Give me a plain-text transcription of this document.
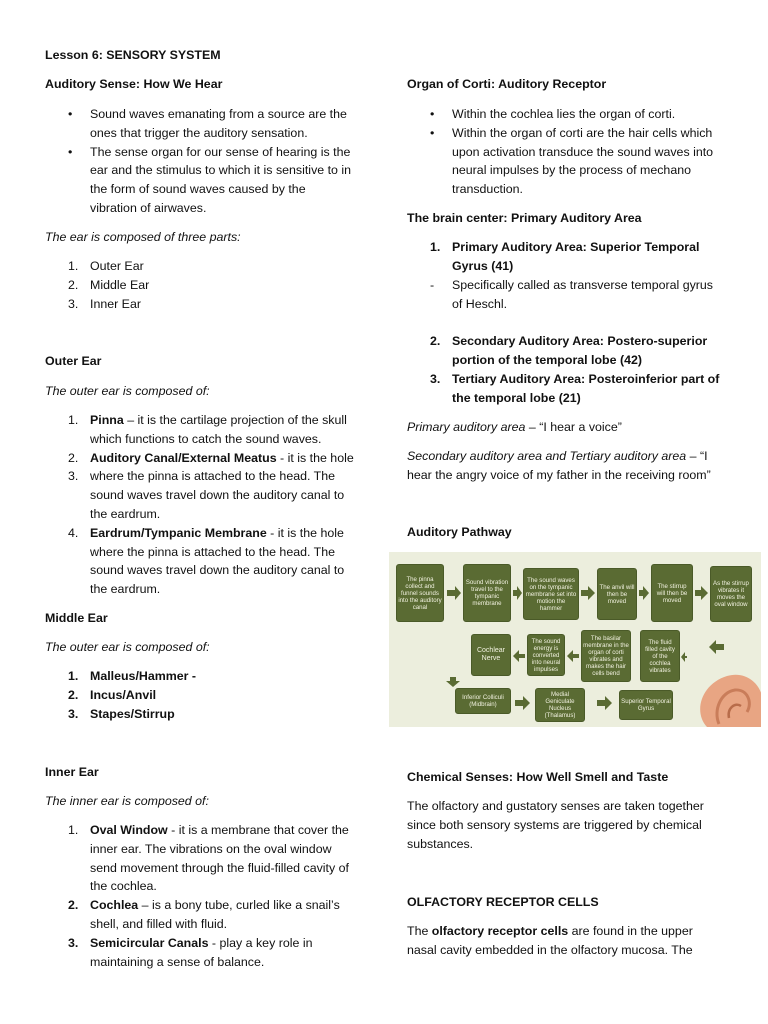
Lesson 6: SENSORY SYSTEM
Auditory Sense: How We Hear
•	Sound waves emanating from a source are the
ones that trigger the auditory sensation.
•	The sense organ for our sense of hearing is the
ear and the stimulus to which it is sensitive to in
the form of sound waves caused by the
vibration of airwaves.
The ear is composed of three parts:
1. Outer Ear
2. Middle Ear
3. Inner Ear
Outer Ear
The outer ear is composed of:
1. Pinna – it is the cartilage projection of the skull
which functions to catch the sound waves.
2. Auditory Canal/External Meatus - it is the hole
3. where the pinna is attached to the head. The
sound waves travel down the auditory canal to
the eardrum.
4. Eardrum/Tympanic Membrane - it is the hole
where the pinna is attached to the head. The
sound waves travel down the auditory canal to
the eardrum.
Middle Ear
The outer ear is composed of:
1. Malleus/Hammer -
2. Incus/Anvil
3. Stapes/Stirrup
Inner Ear
The inner ear is composed of:
1. Oval Window - it is a membrane that cover the
inner ear. The vibrations on the oval window
send movement through the fluid-filled cavity of
the cochlea.
2. Cochlea – is a bony tube, curled like a snail’s
shell, and filled with fluid.
3. Semicircular Canals - play a key role in
maintaining a sense of balance.
Organ of Corti: Auditory Receptor
•	Within the cochlea lies the organ of corti.
•	Within the organ of corti are the hair cells which
upon activation transduce the sound waves into
neural impulses by the process of mechano
transduction.
The brain center: Primary Auditory Area
1. Primary Auditory Area: Superior Temporal
Gyrus (41)
-	Specifically called as transverse temporal gyrus
of Heschl.
2. Secondary Auditory Area: Postero-superior
portion of the temporal lobe (42)
3. Tertiary Auditory Area: Posteroinferior part of
the temporal lobe (21)
Primary auditory area – “I hear a voice”
Secondary auditory area and Tertiary auditory area – “I
hear the angry voice of my father in the receiving room”
Auditory Pathway
The pinna collect and funnel sounds into the auditory canal
Sound vibration travel to the tympanic membrane
The sound waves on the tympanic membrane set into motion the hammer
The anvil will then be moved
The stirrup will then be moved
As the stirrup vibrates it moves the oval window
Cochlear Nerve
The sound energy is converted into neural impulses
The basilar membrane in the organ of corti vibrates and makes the hair cells bend
The fluid filled cavity of the cochlea vibrates
Inferior Colliculi (Midbrain)
Medial Geniculate Nucleus (Thalamus)
Superior Temporal Gyrus
Chemical Senses: How Well Smell and Taste
The olfactory and gustatory senses are taken together
since both sensory systems are triggered by chemical
substances.
OLFACTORY RECEPTOR CELLS
The olfactory receptor cells are found in the upper
nasal cavity embedded in the olfactory mucosa. The
